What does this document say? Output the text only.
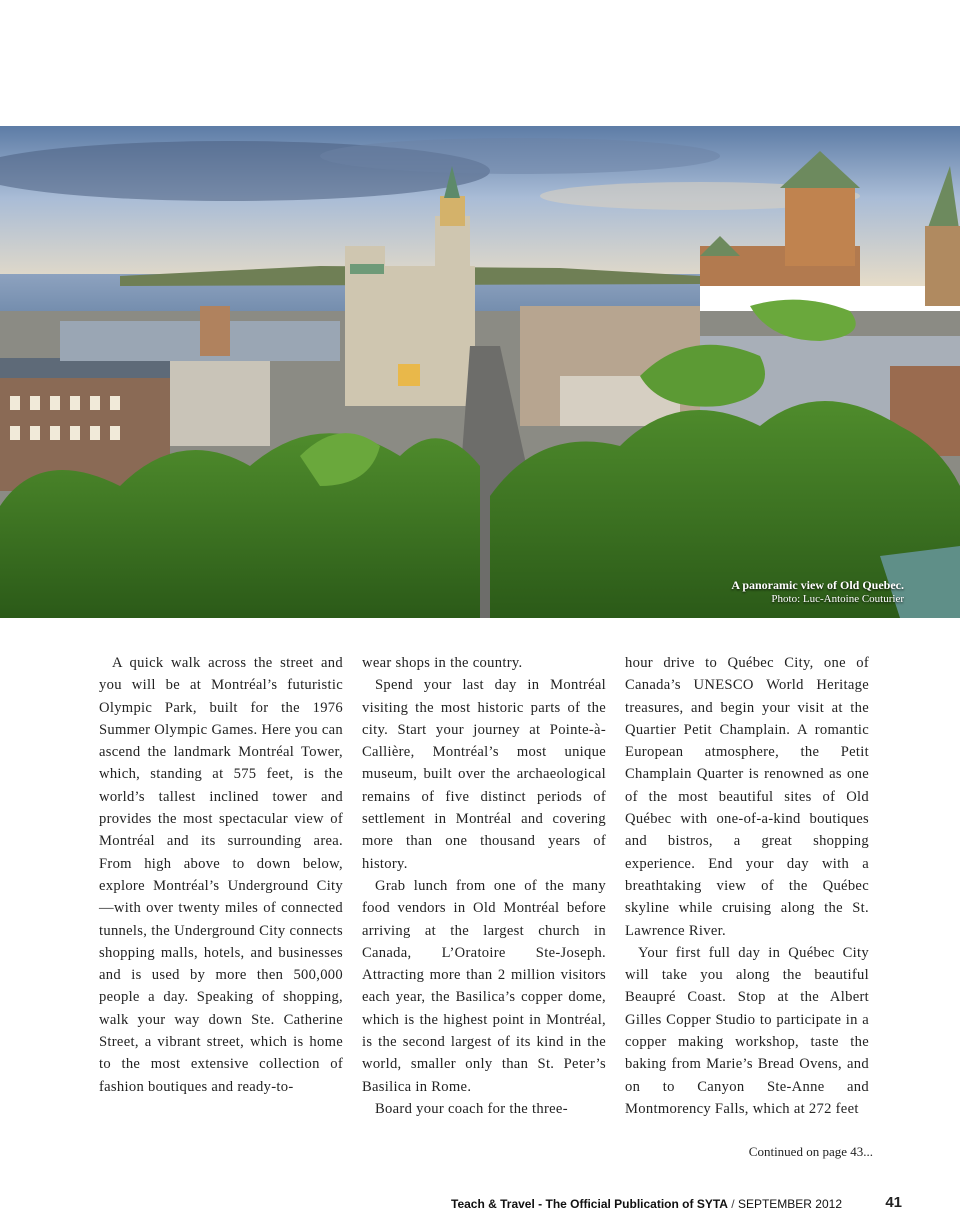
A panoramic view of Old Quebec.
Photo: Luc-Antoine Couturier

A quick walk across the street and you will be at Montréal’s futuristic Olympic Park, built for the 1976 Summer Olympic Games. Here you can ascend the landmark Montréal Tower, which, standing at 575 feet, is the world’s tallest inclined tower and provides the most spectacular view of Montréal and its surrounding area. From high above to down below, explore Montréal’s Underground City—with over twenty miles of connected tunnels, the Underground City connects shopping malls, hotels, and businesses and is used by more then 500,000 people a day. Speaking of shopping, walk your way down Ste. Catherine Street, a vibrant street, which is home to the most extensive collection of fashion boutiques and ready-to-

wear shops in the country.

Spend your last day in Montréal visiting the most historic parts of the city. Start your journey at Pointe-à-Callière, Montréal’s most unique museum, built over the archaeological remains of five distinct periods of settlement in Montréal and covering more than one thousand years of history.

Grab lunch from one of the many food vendors in Old Montréal before arriving at the largest church in Canada, L’Oratoire Ste-Joseph. Attracting more than 2 million visitors each year, the Basilica’s copper dome, which is the highest point in Montréal, is the second largest of its kind in the world, smaller only than St. Peter’s Basilica in Rome.

Board your coach for the three-

hour drive to Québec City, one of Canada’s UNESCO World Heritage treasures, and begin your visit at the Quartier Petit Champlain. A romantic European atmosphere, the Petit Champlain Quarter is renowned as one of the most beautiful sites of Old Québec with one-of-a-kind boutiques and bistros, a great shopping experience. End your day with a breathtaking view of the Québec skyline while cruising along the St. Lawrence River.

Your first full day in Québec City will take you along the beautiful Beaupré Coast. Stop at the Albert Gilles Copper Studio to participate in a copper making workshop, taste the baking from Marie’s Bread Ovens, and on to Canyon Ste-Anne and Montmorency Falls, which at 272 feet

Continued on page 43...
Teach & Travel - The Official Publication of SYTA / SEPTEMBER 2012	41
